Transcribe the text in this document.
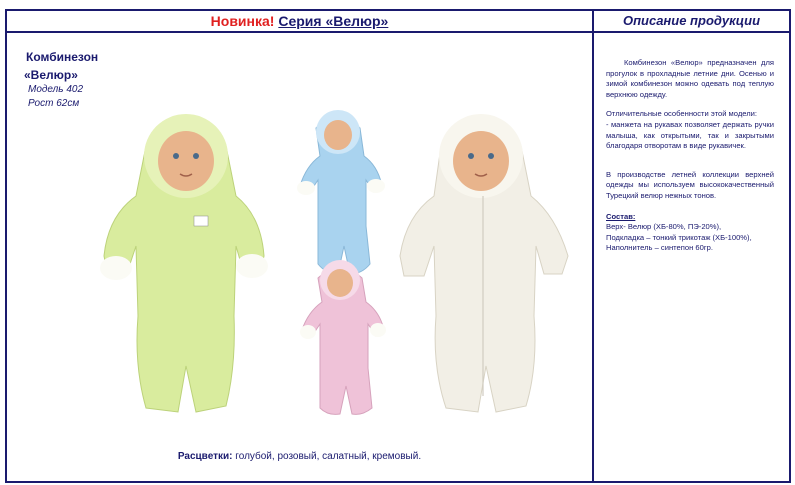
Новинка! Серия «Велюр»	Описание продукции
Комбинезон
«Велюр»
Модель 402
Рост 62см
Расцветки: голубой, розовый, салатный, кремовый.

Комбинезон «Велюр» предназначен для прогулок в прохладные летние дни. Осенью и зимой комбинезон можно одевать под теплую верхнюю одежду.

Отличительные особенности этой модели:
- манжета на рукавах позволяет держать ручки малыша, как открытыми, так и закрытыми благодаря отворотам в виде рукавичек.

В производстве летней коллекции верхней одежды мы используем высококачественный Турецкий велюр нежных тонов.

Состав:

Верх- Велюр (ХБ-80%, ПЭ-20%),

Подкладка – тонкий трикотаж (ХБ-100%),

Наполнитель – синтепон 60гр.
